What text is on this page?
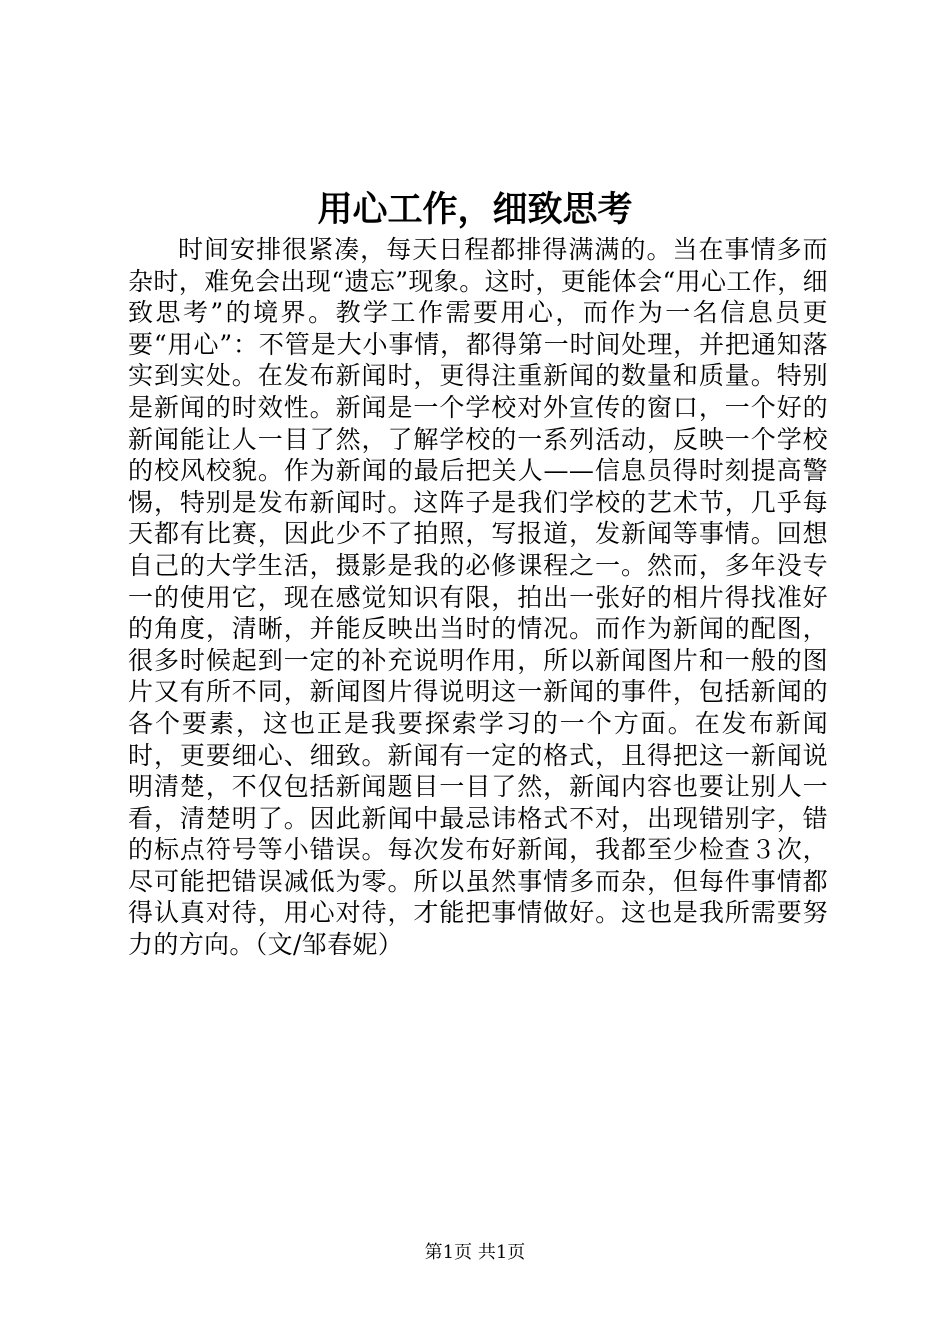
用心工作，细致思考

时间安排很紧凑，每天日程都排得满满的。当在事情多而杂时，难免会出现“遗忘”现象。这时，更能体会“用心工作，细致思考”的境界。教学工作需要用心，而作为一名信息员更要“用心”：不管是大小事情，都得第一时间处理，并把通知落实到实处。在发布新闻时，更得注重新闻的数量和质量。特别是新闻的时效性。新闻是一个学校对外宣传的窗口，一个好的新闻能让人一目了然，了解学校的一系列活动，反映一个学校的校风校貌。作为新闻的最后把关人——信息员得时刻提高警惕，特别是发布新闻时。这阵子是我们学校的艺术节，几乎每天都有比赛，因此少不了拍照，写报道，发新闻等事情。回想自己的大学生活，摄影是我的必修课程之一。然而，多年没专一的使用它，现在感觉知识有限，拍出一张好的相片得找准好的角度，清晰，并能反映出当时的情况。而作为新闻的配图，很多时候起到一定的补充说明作用，所以新闻图片和一般的图片又有所不同，新闻图片得说明这一新闻的事件，包括新闻的各个要素，这也正是我要探索学习的一个方面。在发布新闻时，更要细心、细致。新闻有一定的格式，且得把这一新闻说明清楚，不仅包括新闻题目一目了然，新闻内容也要让别人一看，清楚明了。因此新闻中最忌讳格式不对，出现错别字，错的标点符号等小错误。每次发布好新闻，我都至少检查３次，尽可能把错误减低为零。所以虽然事情多而杂，但每件事情都得认真对待，用心对待，才能把事情做好。这也是我所需要努力的方向。（文/邹春妮）

第1页 共1页
